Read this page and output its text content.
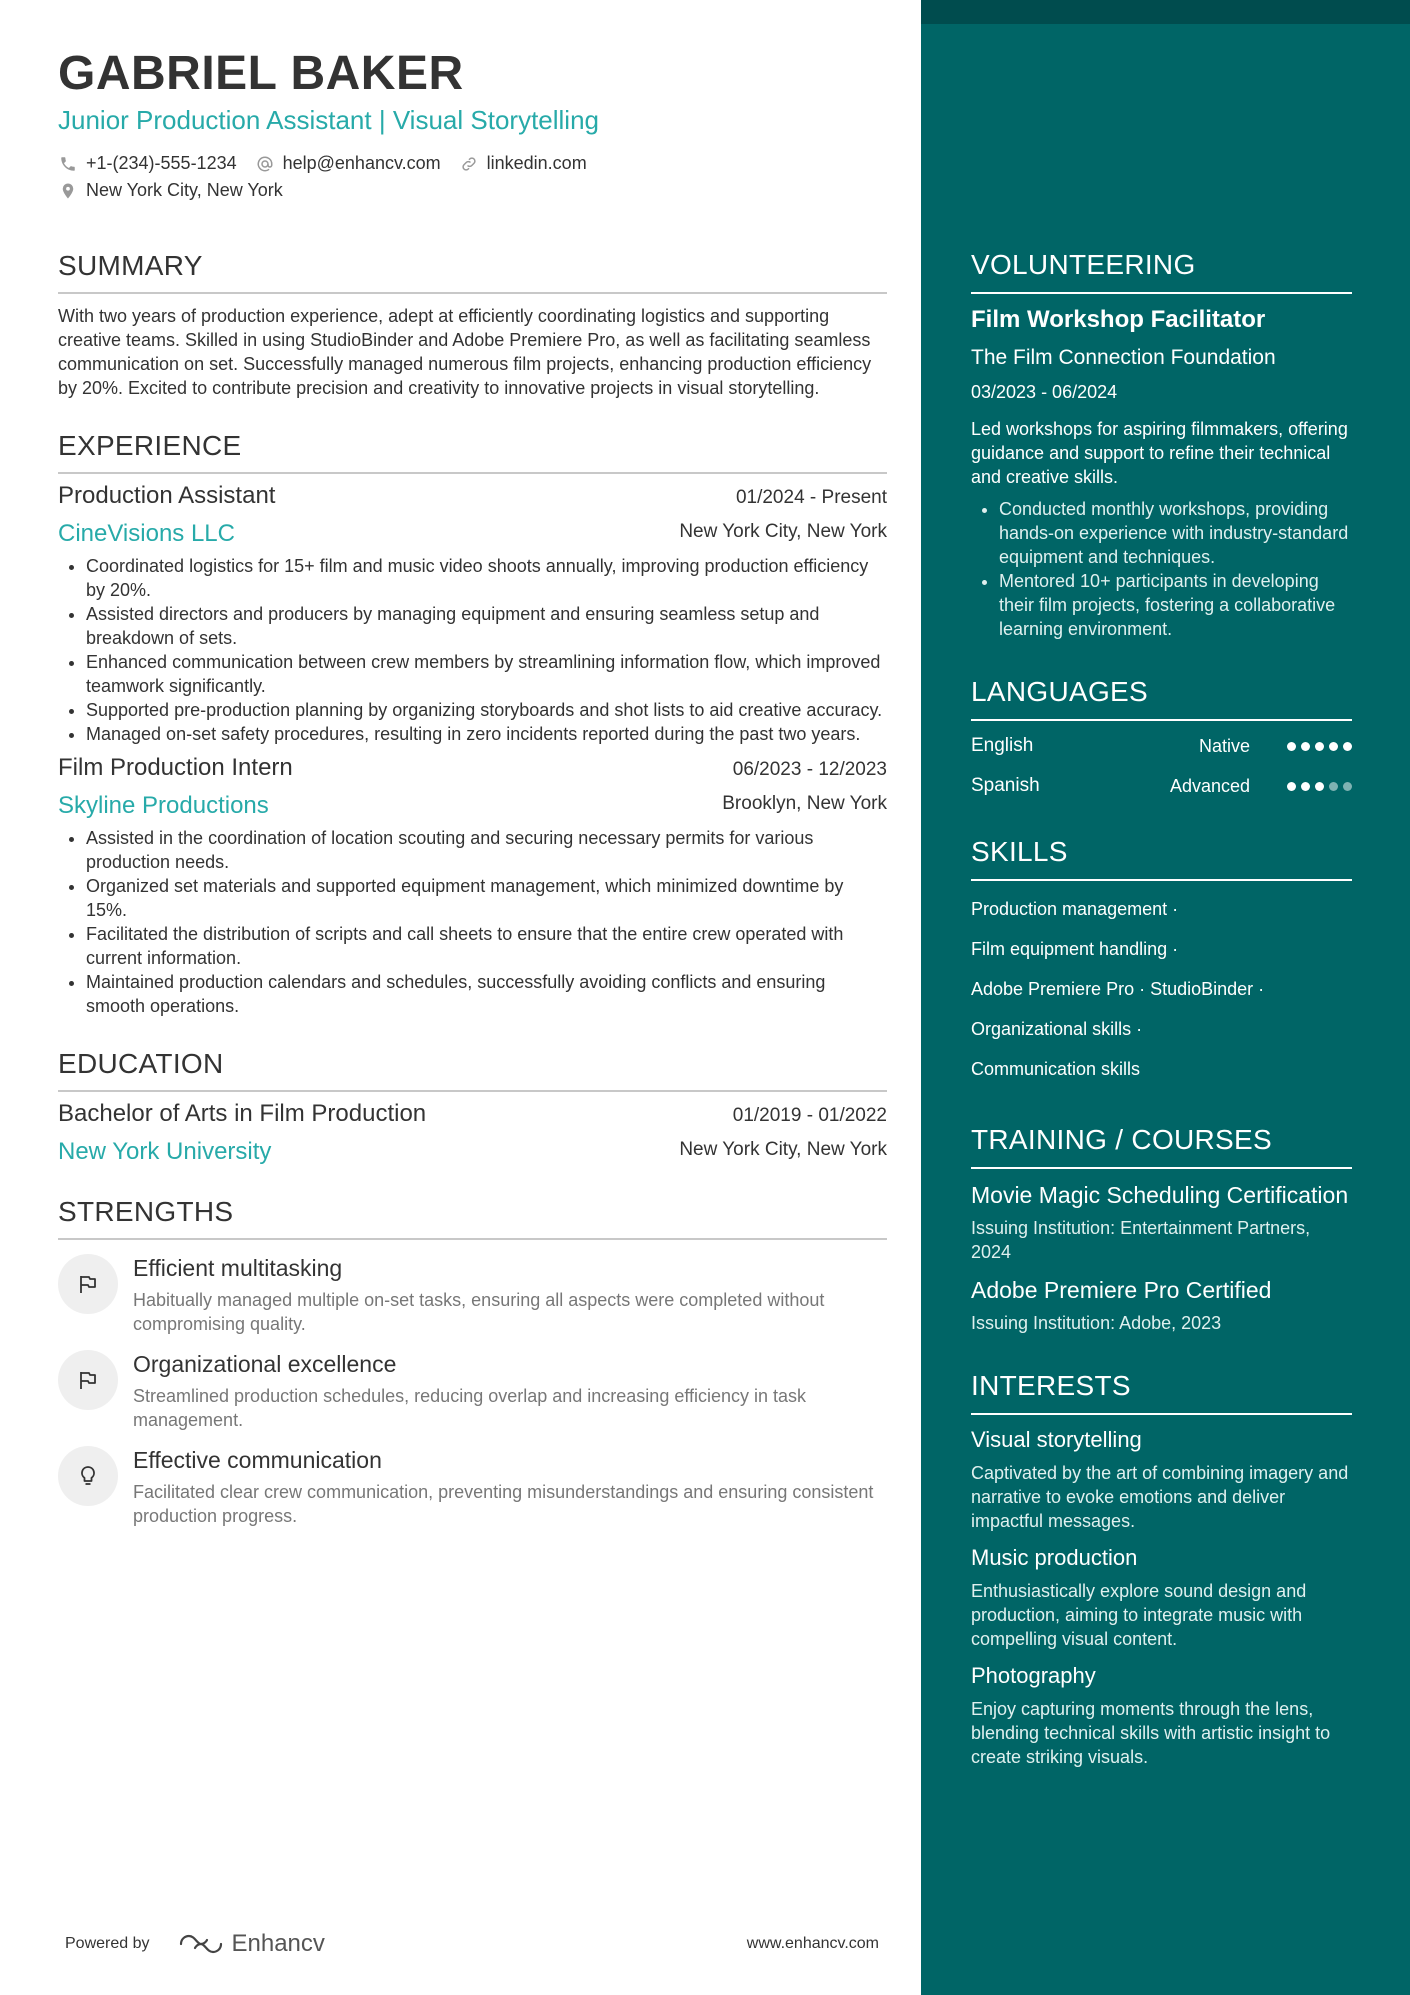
GABRIEL BAKER
Junior Production Assistant | Visual Storytelling
+1-(234)-555-1234	help@enhancv.com	linkedin.com
New York City, New York
SUMMARY
With two years of production experience, adept at efficiently coordinating logistics and supporting creative teams. Skilled in using StudioBinder and Adobe Premiere Pro, as well as facilitating seamless communication on set. Successfully managed numerous film projects, enhancing production efficiency by 20%. Excited to contribute precision and creativity to innovative projects in visual storytelling.
EXPERIENCE
Production Assistant	01/2024 - Present
CineVisions LLC	New York City, New York
• Coordinated logistics for 15+ film and music video shoots annually, improving production efficiency by 20%.
• Assisted directors and producers by managing equipment and ensuring seamless setup and breakdown of sets.
• Enhanced communication between crew members by streamlining information flow, which improved teamwork significantly.
• Supported pre-production planning by organizing storyboards and shot lists to aid creative accuracy.
• Managed on-set safety procedures, resulting in zero incidents reported during the past two years.
Film Production Intern	06/2023 - 12/2023
Skyline Productions	Brooklyn, New York
• Assisted in the coordination of location scouting and securing necessary permits for various production needs.
• Organized set materials and supported equipment management, which minimized downtime by 15%.
• Facilitated the distribution of scripts and call sheets to ensure that the entire crew operated with current information.
• Maintained production calendars and schedules, successfully avoiding conflicts and ensuring smooth operations.
EDUCATION
Bachelor of Arts in Film Production	01/2019 - 01/2022
New York University	New York City, New York
STRENGTHS
Efficient multitasking
Habitually managed multiple on-set tasks, ensuring all aspects were completed without compromising quality.
Organizational excellence
Streamlined production schedules, reducing overlap and increasing efficiency in task management.
Effective communication
Facilitated clear crew communication, preventing misunderstandings and ensuring consistent production progress.
Powered by	Enhancv	www.enhancv.com
VOLUNTEERING
Film Workshop Facilitator
The Film Connection Foundation
03/2023 - 06/2024
Led workshops for aspiring filmmakers, offering guidance and support to refine their technical and creative skills.
• Conducted monthly workshops, providing hands-on experience with industry-standard equipment and techniques.
• Mentored 10+ participants in developing their film projects, fostering a collaborative learning environment.
LANGUAGES
English	Native
Spanish	Advanced
SKILLS
Production management ·
Film equipment handling ·
Adobe Premiere Pro · StudioBinder ·
Organizational skills ·
Communication skills
TRAINING / COURSES
Movie Magic Scheduling Certification
Issuing Institution: Entertainment Partners, 2024
Adobe Premiere Pro Certified
Issuing Institution: Adobe, 2023
INTERESTS
Visual storytelling
Captivated by the art of combining imagery and narrative to evoke emotions and deliver impactful messages.
Music production
Enthusiastically explore sound design and production, aiming to integrate music with compelling visual content.
Photography
Enjoy capturing moments through the lens, blending technical skills with artistic insight to create striking visuals.
